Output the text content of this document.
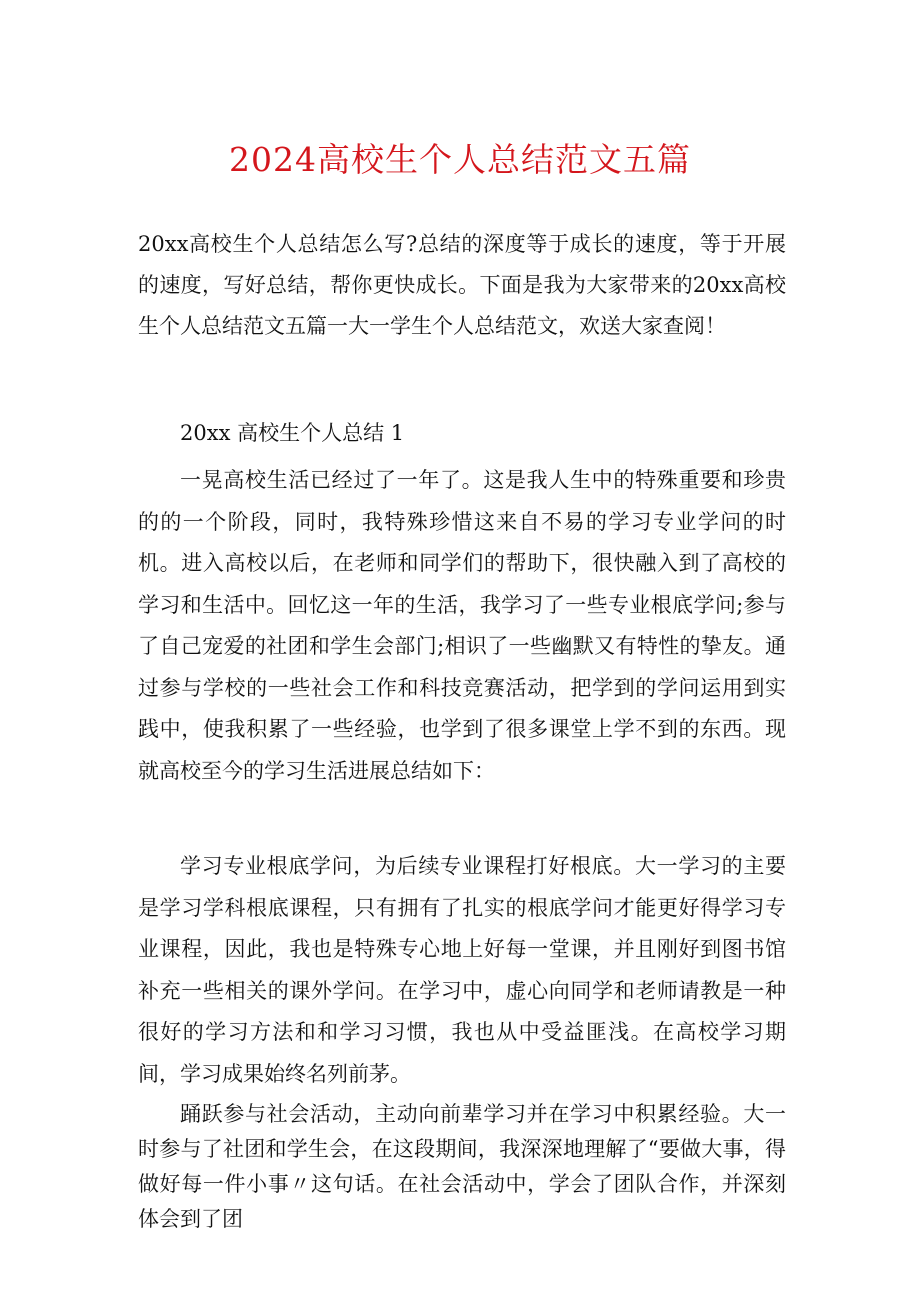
2024高校生个人总结范文五篇

20xx高校生个人总结怎么写?总结的深度等于成长的速度，等于开展的速度，写好总结，帮你更快成长。下面是我为大家带来的20xx高校生个人总结范文五篇一大一学生个人总结范文，欢送大家查阅！

20xx 高校生个人总结 1

一晃高校生活已经过了一年了。这是我人生中的特殊重要和珍贵的的一个阶段，同时，我特殊珍惜这来自不易的学习专业学问的时机。进入高校以后，在老师和同学们的帮助下，很快融入到了高校的学习和生活中。回忆这一年的生活，我学习了一些专业根底学问;参与了自己宠爱的社团和学生会部门;相识了一些幽默又有特性的挚友。通过参与学校的一些社会工作和科技竞赛活动，把学到的学问运用到实践中，使我积累了一些经验，也学到了很多课堂上学不到的东西。现就高校至今的学习生活进展总结如下：

学习专业根底学问，为后续专业课程打好根底。大一学习的主要是学习学科根底课程，只有拥有了扎实的根底学问才能更好得学习专业课程，因此，我也是特殊专心地上好每一堂课，并且刚好到图书馆补充一些相关的课外学问。在学习中，虚心向同学和老师请教是一种很好的学习方法和和学习习惯，我也从中受益匪浅。在高校学习期间，学习成果始终名列前茅。

踊跃参与社会活动，主动向前辈学习并在学习中积累经验。大一时参与了社团和学生会，在这段期间，我深深地理解了“要做大事，得做好每一件小事〃这句话。在社会活动中，学会了团队合作，并深刻体会到了团
